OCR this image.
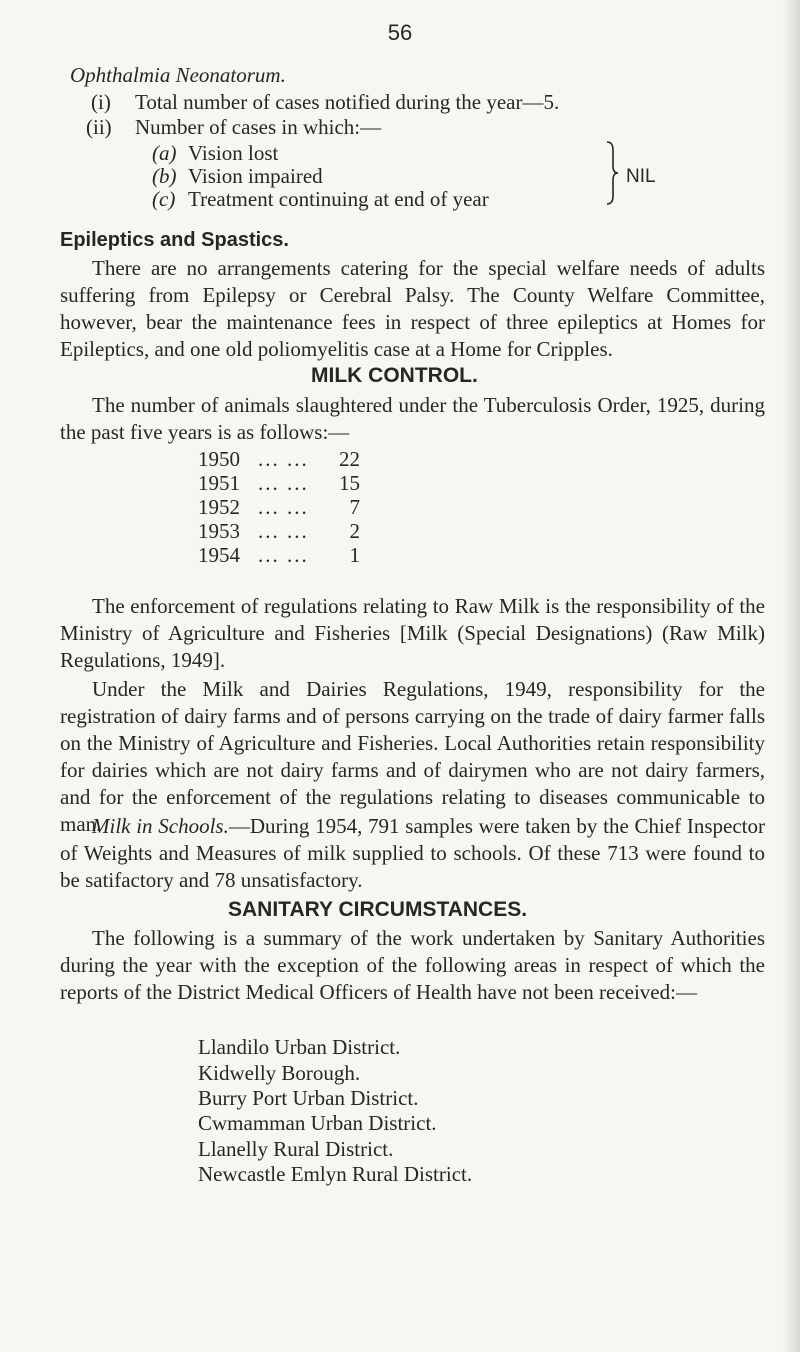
56
Ophthalmia Neonatorum.
(i) Total number of cases notified during the year—5.
(ii) Number of cases in which:—
(a) Vision lost
(b) Vision impaired
(c) Treatment continuing at end of year
NIL
Epileptics and Spastics.
There are no arrangements catering for the special welfare needs of adults suffering from Epilepsy or Cerebral Palsy. The County Welfare Committee, however, bear the maintenance fees in respect of three epileptics at Homes for Epileptics, and one old poliomyelitis case at a Home for Cripples.
MILK CONTROL.
The number of animals slaughtered under the Tuberculosis Order, 1925, during the past five years is as follows:—
1950 ... ...	22
1951 ... ...	15
1952 ... ...	7
1953 ... ...	2
1954 ... ...	1
The enforcement of regulations relating to Raw Milk is the responsibility of the Ministry of Agriculture and Fisheries [Milk (Special Designations) (Raw Milk) Regulations, 1949].
Under the Milk and Dairies Regulations, 1949, responsibility for the registration of dairy farms and of persons carrying on the trade of dairy farmer falls on the Ministry of Agriculture and Fisheries. Local Authorities retain responsibility for dairies which are not dairy farms and of dairymen who are not dairy farmers, and for the enforcement of the regulations relating to diseases communicable to man.
Milk in Schools.—During 1954, 791 samples were taken by the Chief Inspector of Weights and Measures of milk supplied to schools. Of these 713 were found to be satifactory and 78 unsatisfactory.
SANITARY CIRCUMSTANCES.
The following is a summary of the work undertaken by Sanitary Authorities during the year with the exception of the following areas in respect of which the reports of the District Medical Officers of Health have not been received:—
Llandilo Urban District.
Kidwelly Borough.
Burry Port Urban District.
Cwmamman Urban District.
Llanelly Rural District.
Newcastle Emlyn Rural District.
